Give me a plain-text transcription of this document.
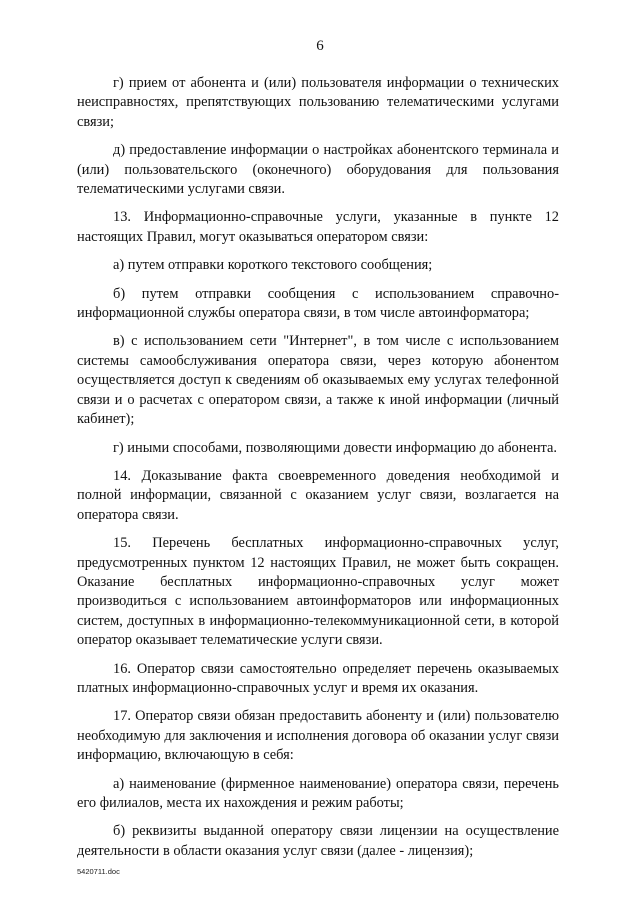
6

г) прием от абонента и (или) пользователя информации о технических неисправностях, препятствующих пользованию телематическими услугами связи;

д) предоставление информации о настройках абонентского терминала и (или) пользовательского (оконечного) оборудования для пользования телематическими услугами связи.

13. Информационно-справочные услуги, указанные в пункте 12 настоящих Правил, могут оказываться оператором связи:

а) путем отправки короткого текстового сообщения;

б) путем отправки сообщения с использованием справочно-информационной службы оператора связи, в том числе автоинформатора;

в) с использованием сети "Интернет", в том числе с использованием системы самообслуживания оператора связи, через которую абонентом осуществляется доступ к сведениям об оказываемых ему услугах телефонной связи и о расчетах с оператором связи, а также к иной информации (личный кабинет);

г) иными способами, позволяющими довести информацию до абонента.

14. Доказывание факта своевременного доведения необходимой и полной информации, связанной с оказанием услуг связи, возлагается на оператора связи.

15. Перечень бесплатных информационно-справочных услуг, предусмотренных пунктом 12 настоящих Правил, не может быть сокращен. Оказание бесплатных информационно-справочных услуг может производиться с использованием автоинформаторов или информационных систем, доступных в информационно-телекоммуникационной сети, в которой оператор оказывает телематические услуги связи.

16. Оператор связи самостоятельно определяет перечень оказываемых платных информационно-справочных услуг и время их оказания.

17. Оператор связи обязан предоставить абоненту и (или) пользователю необходимую для заключения и исполнения договора об оказании услуг связи информацию, включающую в себя:

а) наименование (фирменное наименование) оператора связи, перечень его филиалов, места их нахождения и режим работы;

б) реквизиты выданной оператору связи лицензии на осуществление деятельности в области оказания услуг связи (далее - лицензия);

5420711.doc
